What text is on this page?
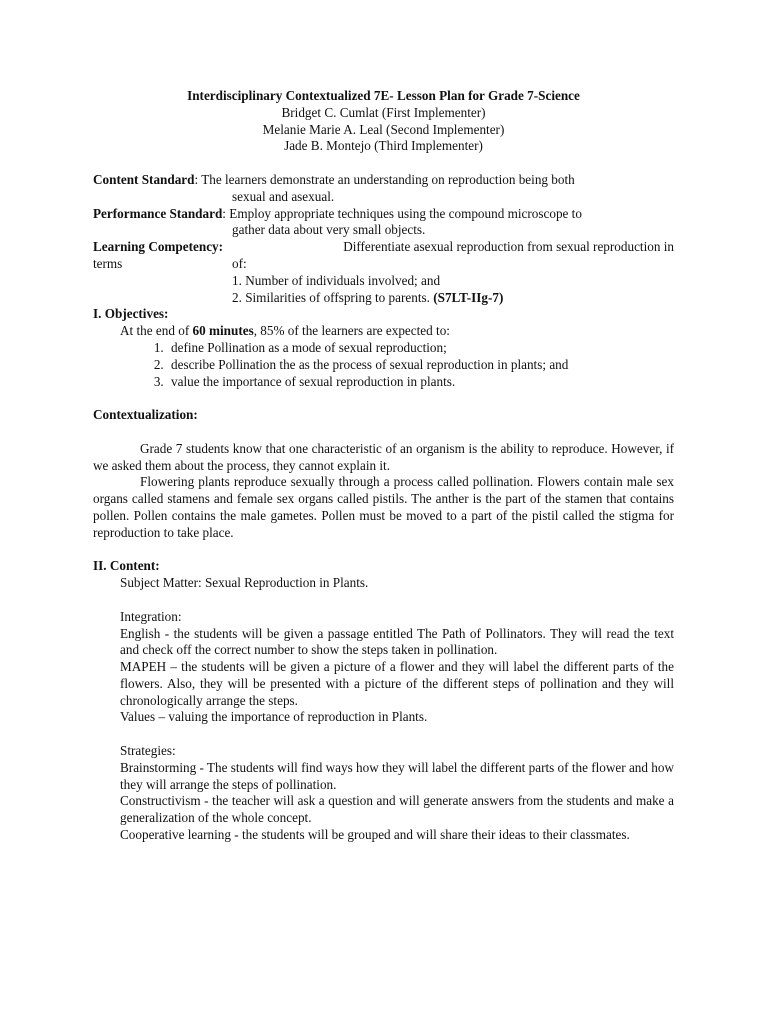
Interdisciplinary Contextualized 7E- Lesson Plan for Grade 7-Science
Bridget C. Cumlat (First Implementer)
Melanie Marie A. Leal (Second Implementer)
Jade B. Montejo (Third Implementer)
Content Standard: The learners demonstrate an understanding on reproduction being both
sexual and asexual.
Performance Standard: Employ appropriate techniques using the compound microscope to
gather data about very small objects.
Learning Competency:	Differentiate asexual reproduction from sexual reproduction in
terms	of:
1. Number of individuals involved; and
2. Similarities of offspring to parents. (S7LT-IIg-7)
I. Objectives:
At the end of 60 minutes, 85% of the learners are expected to:
1. define Pollination as a mode of sexual reproduction;
2. describe Pollination the as the process of sexual reproduction in plants; and
3. value the importance of sexual reproduction in plants.
Contextualization:
Grade 7 students know that one characteristic of an organism is the ability to reproduce. However, if we asked them about the process, they cannot explain it.
Flowering plants reproduce sexually through a process called pollination. Flowers contain male sex organs called stamens and female sex organs called pistils. The anther is the part of the stamen that contains pollen. Pollen contains the male gametes. Pollen must be moved to a part of the pistil called the stigma for reproduction to take place.
II. Content:
Subject Matter: Sexual Reproduction in Plants.
Integration:
English - the students will be given a passage entitled The Path of Pollinators. They will read the text and check off the correct number to show the steps taken in pollination.
MAPEH – the students will be given a picture of a flower and they will label the different parts of the flowers. Also, they will be presented with a picture of the different steps of pollination and they will chronologically arrange the steps.
Values – valuing the importance of reproduction in Plants.
Strategies:
Brainstorming - The students will find ways how they will label the different parts of the flower and how they will arrange the steps of pollination.
Constructivism - the teacher will ask a question and will generate answers from the students and make a generalization of the whole concept.
Cooperative learning - the students will be grouped and will share their ideas to their classmates.
